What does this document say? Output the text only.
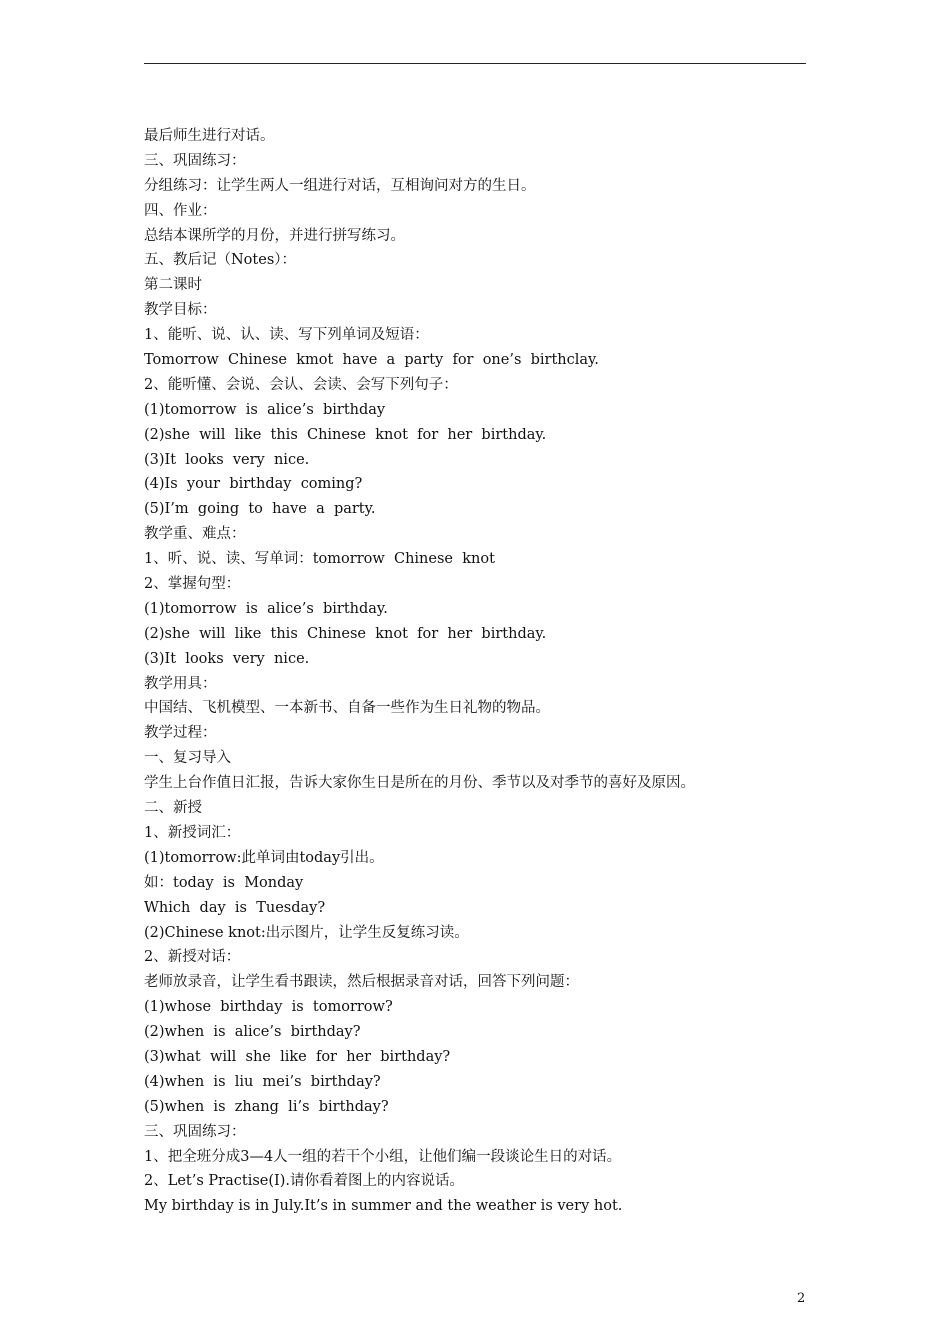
最后师生进行对话。
三、巩固练习：
分组练习：让学生两人一组进行对话，互相询问对方的生日。
四、作业：
总结本课所学的月份，并进行拼写练习。
五、教后记（Notes）：
第二课时
教学目标：
1、能听、说、认、读、写下列单词及短语：
Tomorrow  Chinese  kmot  have  a  party  for  one’s  birthclay.
2、能听懂、会说、会认、会读、会写下列句子：
(1)tomorrow  is  alice’s  birthday
(2)she  will  like  this  Chinese  knot  for  her  birthday.
(3)It  looks  very  nice.
(4)Is  your  birthday  coming?
(5)I’m  going  to  have  a  party.
教学重、难点：
1、听、说、读、写单词：tomorrow  Chinese  knot
2、掌握句型：
(1)tomorrow  is  alice’s  birthday.
(2)she  will  like  this  Chinese  knot  for  her  birthday.
(3)It  looks  very  nice.
教学用具：
中国结、飞机模型、一本新书、自备一些作为生日礼物的物品。
教学过程：
一、复习导入
学生上台作值日汇报，告诉大家你生日是所在的月份、季节以及对季节的喜好及原因。
二、新授
1、新授词汇：
(1)tomorrow:此单词由today引出。
如：today  is  Monday
Which  day  is  Tuesday?
(2)Chinese knot:出示图片，让学生反复练习读。
2、新授对话：
老师放录音，让学生看书跟读，然后根据录音对话，回答下列问题：
(1)whose  birthday  is  tomorrow?
(2)when  is  alice’s  birthday?
(3)what  will  she  like  for  her  birthday?
(4)when  is  liu  mei’s  birthday?
(5)when  is  zhang  li’s  birthday?
三、巩固练习：
1、把全班分成3—4人一组的若干个小组，让他们编一段谈论生日的对话。
2、Let’s Practise(I).请你看着图上的内容说话。
My birthday is in July.It’s in summer and the weather is very hot.
2
